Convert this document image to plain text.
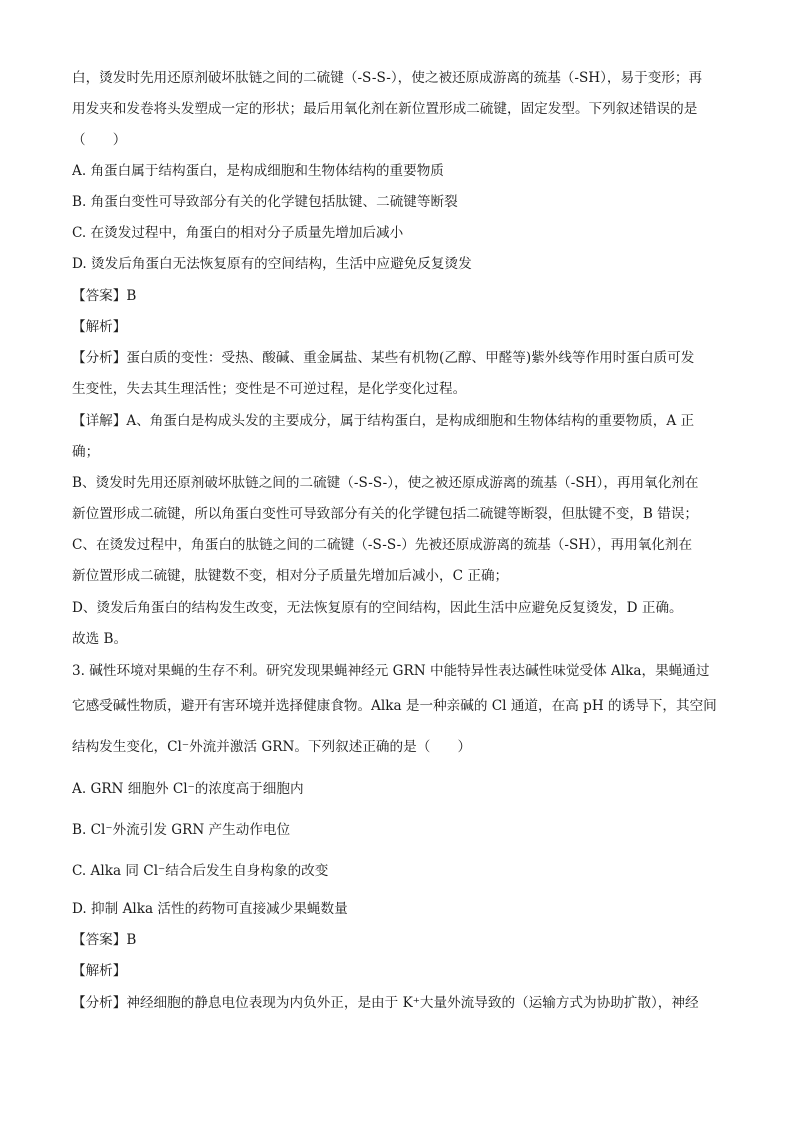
白，烫发时先用还原剂破坏肽链之间的二硫键（-S-S-），使之被还原成游离的巯基（-SH），易于变形；再
用发夹和发卷将头发塑成一定的形状；最后用氧化剂在新位置形成二硫键，固定发型。下列叙述错误的是
（　　）
A. 角蛋白属于结构蛋白，是构成细胞和生物体结构的重要物质
B. 角蛋白变性可导致部分有关的化学键包括肽键、二硫键等断裂
C. 在烫发过程中，角蛋白的相对分子质量先增加后减小
D. 烫发后角蛋白无法恢复原有的空间结构，生活中应避免反复烫发
【答案】B
【解析】
【分析】蛋白质的变性：受热、酸碱、重金属盐、某些有机物(乙醇、甲醛等)紫外线等作用时蛋白质可发
生变性，失去其生理活性；变性是不可逆过程，是化学变化过程。
【详解】A、角蛋白是构成头发的主要成分，属于结构蛋白，是构成细胞和生物体结构的重要物质，A 正
确；
B、烫发时先用还原剂破坏肽链之间的二硫键（-S-S-），使之被还原成游离的巯基（-SH），再用氧化剂在
新位置形成二硫键，所以角蛋白变性可导致部分有关的化学键包括二硫键等断裂，但肽键不变，B 错误；
C、在烫发过程中，角蛋白的肽链之间的二硫键（-S-S-）先被还原成游离的巯基（-SH），再用氧化剂在
新位置形成二硫键，肽键数不变，相对分子质量先增加后减小，C 正确；
D、烫发后角蛋白的结构发生改变，无法恢复原有的空间结构，因此生活中应避免反复烫发，D 正确。
故选 B。
3. 碱性环境对果蝇的生存不利。研究发现果蝇神经元 GRN 中能特异性表达碱性味觉受体 Alka，果蝇通过
它感受碱性物质，避开有害环境并选择健康食物。Alka 是一种亲碱的 Cl 通道，在高 pH 的诱导下，其空间
结构发生变化，Cl⁻外流并激活 GRN。下列叙述正确的是（　　）
A. GRN 细胞外 Cl⁻的浓度高于细胞内
B. Cl⁻外流引发 GRN 产生动作电位
C. Alka 同 Cl⁻结合后发生自身构象的改变
D. 抑制 Alka 活性的药物可直接减少果蝇数量
【答案】B
【解析】
【分析】神经细胞的静息电位表现为内负外正，是由于 K⁺大量外流导致的（运输方式为协助扩散），神经
